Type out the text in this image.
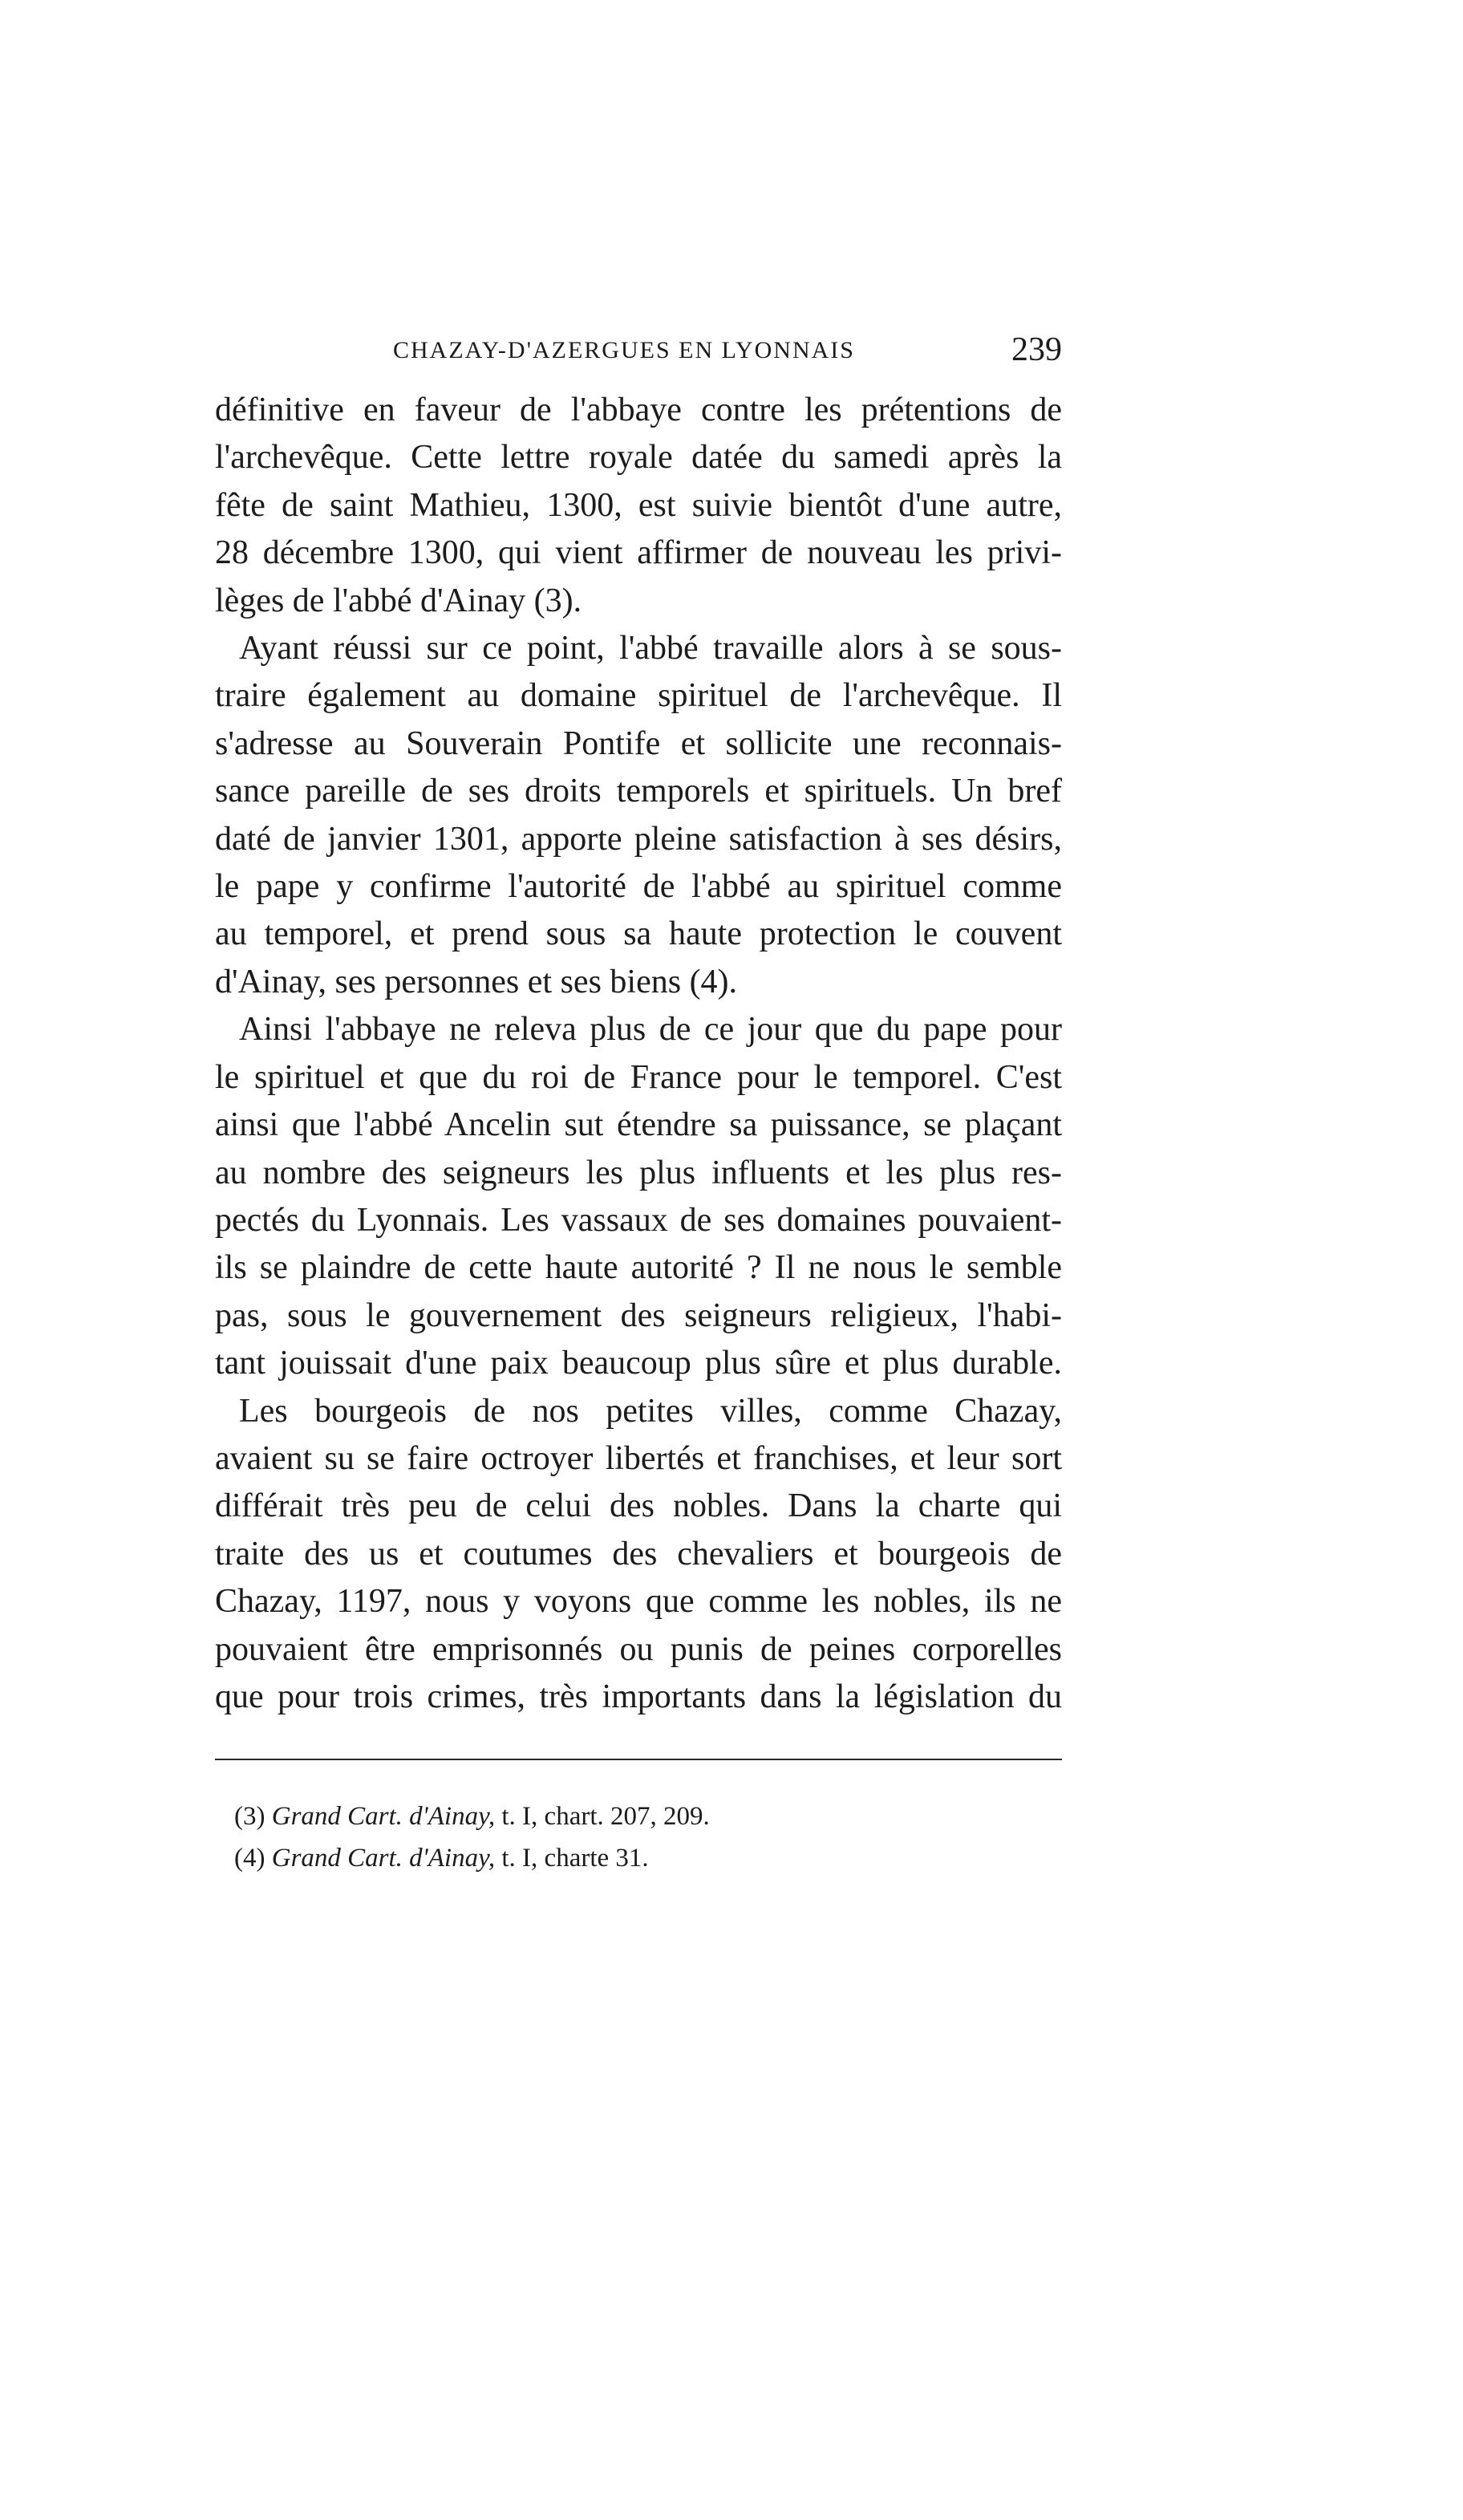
CHAZAY-D'AZERGUES EN LYONNAIS	239

définitive en faveur de l'abbaye contre les prétentions de

l'archevêque. Cette lettre royale datée du samedi après la

fête de saint Mathieu, 1300, est suivie bientôt d'une autre,

28 décembre 1300, qui vient affirmer de nouveau les privi-

lèges de l'abbé d'Ainay (3).

Ayant réussi sur ce point, l'abbé travaille alors à se sous-

traire également au domaine spirituel de l'archevêque. Il

s'adresse au Souverain Pontife et sollicite une reconnais-

sance pareille de ses droits temporels et spirituels. Un bref

daté de janvier 1301, apporte pleine satisfaction à ses désirs,

le pape y confirme l'autorité de l'abbé au spirituel comme

au temporel, et prend sous sa haute protection le couvent

d'Ainay, ses personnes et ses biens (4).

Ainsi l'abbaye ne releva plus de ce jour que du pape pour

le spirituel et que du roi de France pour le temporel. C'est

ainsi que l'abbé Ancelin sut étendre sa puissance, se plaçant

au nombre des seigneurs les plus influents et les plus res-

pectés du Lyonnais. Les vassaux de ses domaines pouvaient-

ils se plaindre de cette haute autorité ? Il ne nous le semble

pas, sous le gouvernement des seigneurs religieux, l'habi-

tant jouissait d'une paix beaucoup plus sûre et plus durable.

Les bourgeois de nos petites villes, comme Chazay,

avaient su se faire octroyer libertés et franchises, et leur sort

différait très peu de celui des nobles. Dans la charte qui

traite des us et coutumes des chevaliers et bourgeois de

Chazay, 1197, nous y voyons que comme les nobles, ils ne

pouvaient être emprisonnés ou punis de peines corporelles

que pour trois crimes, très importants dans la législation du

(3) Grand Cart. d'Ainay, t. I, chart. 207, 209.
(4) Grand Cart. d'Ainay, t. I, charte 31.
